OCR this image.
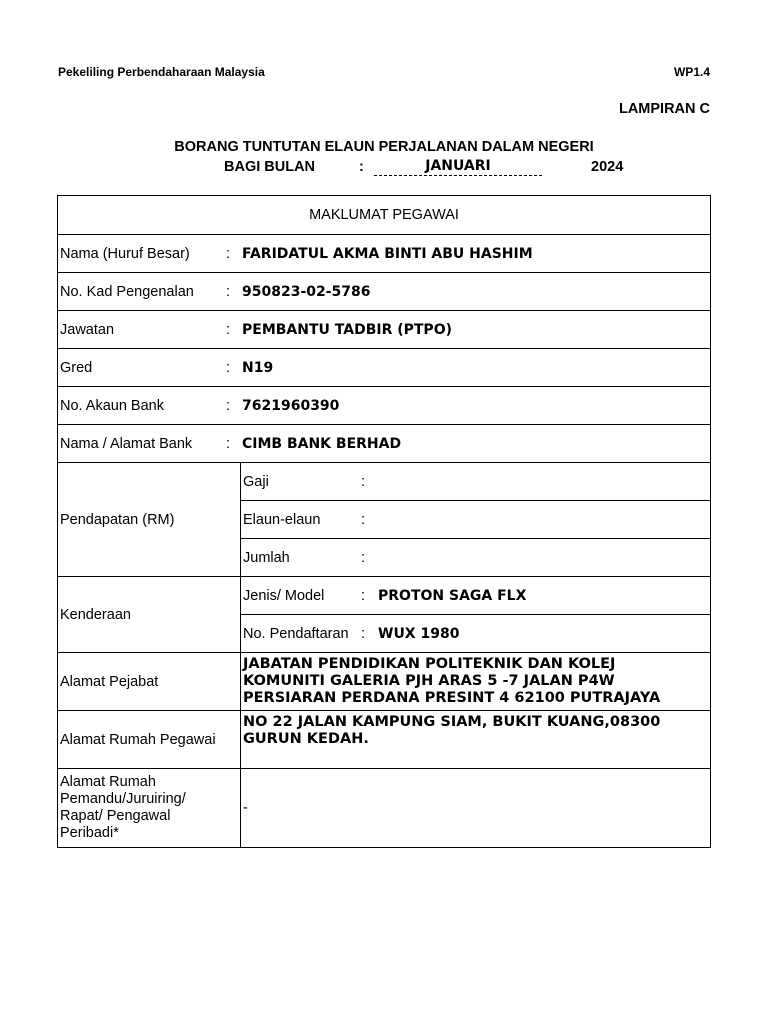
Pekeliling Perbendaharaan Malaysia	WP1.4
LAMPIRAN C
BORANG TUNTUTAN ELAUN PERJALANAN DALAM NEGERI
BAGI BULAN	:	JANUARI	2024
MAKLUMAT PEGAWAI	

Nama (Huruf Besar) : FARIDATUL AKMA BINTI ABU HASHIM	

No. Kad Pengenalan : 950823-02-5786	

Jawatan : PEMBANTU TADBIR (PTPO)	

Gred : N19	

No. Akaun Bank : 7621960390	

Nama / Alamat Bank : CIMB BANK BERHAD	

Pendapatan (RM)	Gaji :

	Elaun-elaun :

	Jumlah :

Kenderaan	Jenis/ Model : PROTON SAGA FLX

	No. Pendaftaran : WUX 1980

Alamat Pejabat	JABATAN PENDIDIKAN POLITEKNIK DAN KOLEJ
KOMUNITI GALERIA PJH ARAS 5 -7 JALAN P4W
PERSIARAN PERDANA PRESINT 4 62100 PUTRAJAYA

Alamat Rumah Pegawai	NO 22 JALAN KAMPUNG SIAM, BUKIT KUANG,08300
GURUN KEDAH.

Alamat Rumah
Pemandu/Juruiring/
Rapat/ Pengawal
Peribadi*	-
